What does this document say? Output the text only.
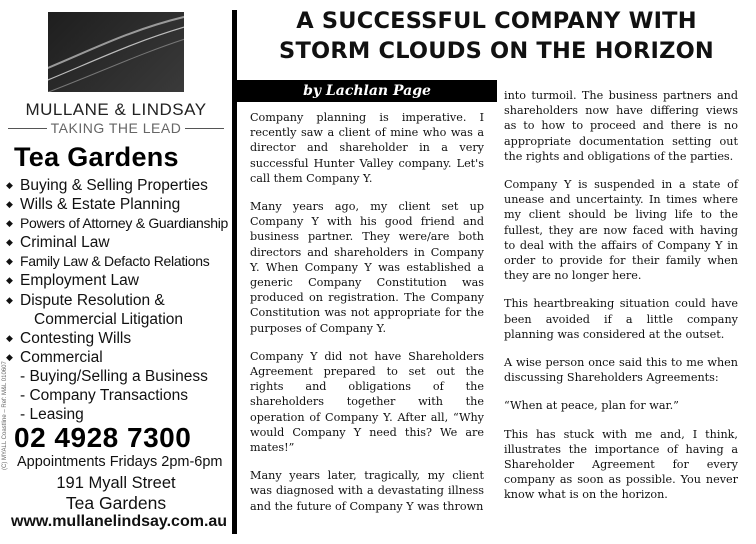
MULLANE & LINDSAY
TAKING THE LEAD
Tea Gardens
◆ Buying & Selling Properties
◆ Wills & Estate Planning
◆ Powers of Attorney & Guardianship
◆ Criminal Law
◆ Family Law & Defacto Relations
◆ Employment Law
◆ Dispute Resolution &
Commercial Litigation
◆ Contesting Wills
◆ Commercial
- Buying/Selling a Business
- Company Transactions
- Leasing
02 4928 7300
Appointments Fridays 2pm-6pm
191 Myall Street
Tea Gardens
www.mullanelindsay.com.au
(C) MYALL Coastline – Ref: M&L 010607
A SUCCESSFUL COMPANY WITH
STORM CLOUDS ON THE HORIZON
by Lachlan Page

Company planning is imperative. I recently saw a client of mine who was a director and shareholder in a very successful Hunter Valley company. Let's call them Company Y.

Many years ago, my client set up Company Y with his good friend and business partner. They were/are both directors and shareholders in Company Y. When Company Y was established a generic Company Constitution was produced on registration. The Company Constitution was not appropriate for the purposes of Company Y.

Company Y did not have Shareholders Agreement prepared to set out the rights and obligations of the shareholders together with the operation of Company Y. After all, “Why would Company Y need this? We are mates!”

Many years later, tragically, my client was diagnosed with a devastating illness and the future of Company Y was thrown

into turmoil. The business partners and shareholders now have differing views as to how to proceed and there is no appropriate documentation setting out the rights and obligations of the parties.

Company Y is suspended in a state of unease and uncertainty. In times where my client should be living life to the fullest, they are now faced with having to deal with the affairs of Company Y in order to provide for their family when they are no longer here.

This heartbreaking situation could have been avoided if a little company planning was considered at the outset.

A wise person once said this to me when discussing Shareholders Agreements:

“When at peace, plan for war.”

This has stuck with me and, I think, illustrates the importance of having a Shareholder Agreement for every company as soon as possible. You never know what is on the horizon.
